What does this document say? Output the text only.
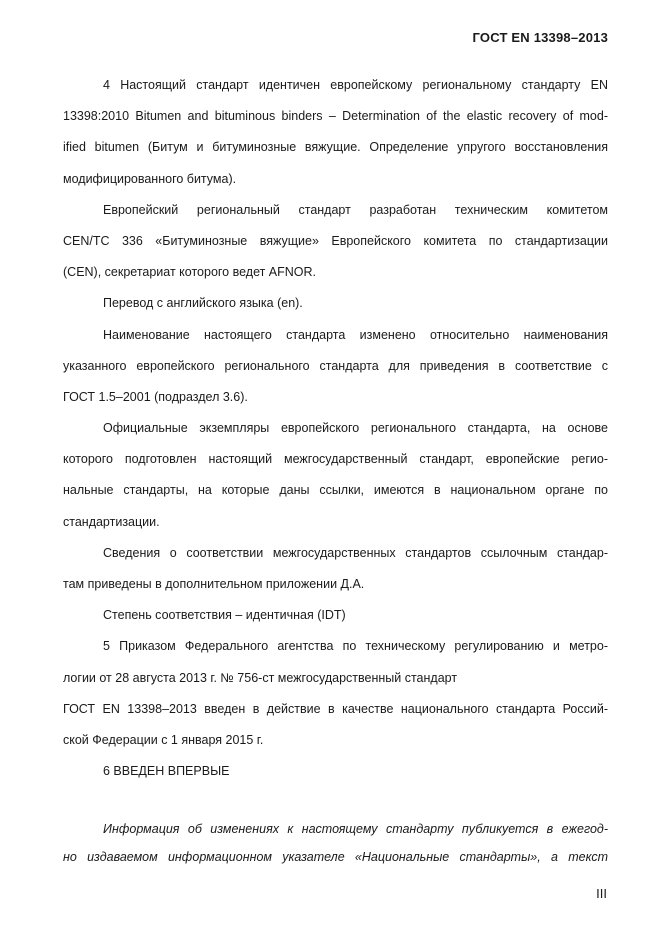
ГОСТ EN 13398–2013
4 Настоящий стандарт идентичен европейскому региональному стандарту EN
13398:2010 Bitumen and bituminous binders – Determination of the elastic recovery of mod-
ified bitumen (Битум и битуминозные вяжущие. Определение упругого восстановления
модифицированного битума).
Европейский региональный стандарт разработан техническим комитетом
CEN/TC 336 «Битуминозные вяжущие» Европейского комитета по стандартизации
(CEN), секретариат которого ведет AFNOR.
Перевод с английского языка (en).
Наименование настоящего стандарта изменено относительно наименования
указанного европейского регионального стандарта для приведения в соответствие с
ГОСТ 1.5–2001 (подраздел 3.6).
Официальные экземпляры европейского регионального стандарта, на основе
которого подготовлен настоящий межгосударственный стандарт, европейские регио-
нальные стандарты, на которые даны ссылки, имеются в национальном органе по
стандартизации.
Сведения о соответствии межгосударственных стандартов ссылочным стандар-
там приведены в дополнительном приложении Д.А.
Степень соответствия – идентичная (IDT)
5 Приказом Федерального агентства по техническому регулированию и метро-
логии от 28 августа 2013 г. № 756-ст межгосударственный стандарт
ГОСТ EN 13398–2013 введен в действие в качестве национального стандарта Россий-
ской Федерации с 1 января 2015 г.
6 ВВЕДЕН ВПЕРВЫЕ
Информация об изменениях к настоящему стандарту публикуется в ежегод-
но издаваемом информационном указателе «Национальные стандарты», а текст
III
